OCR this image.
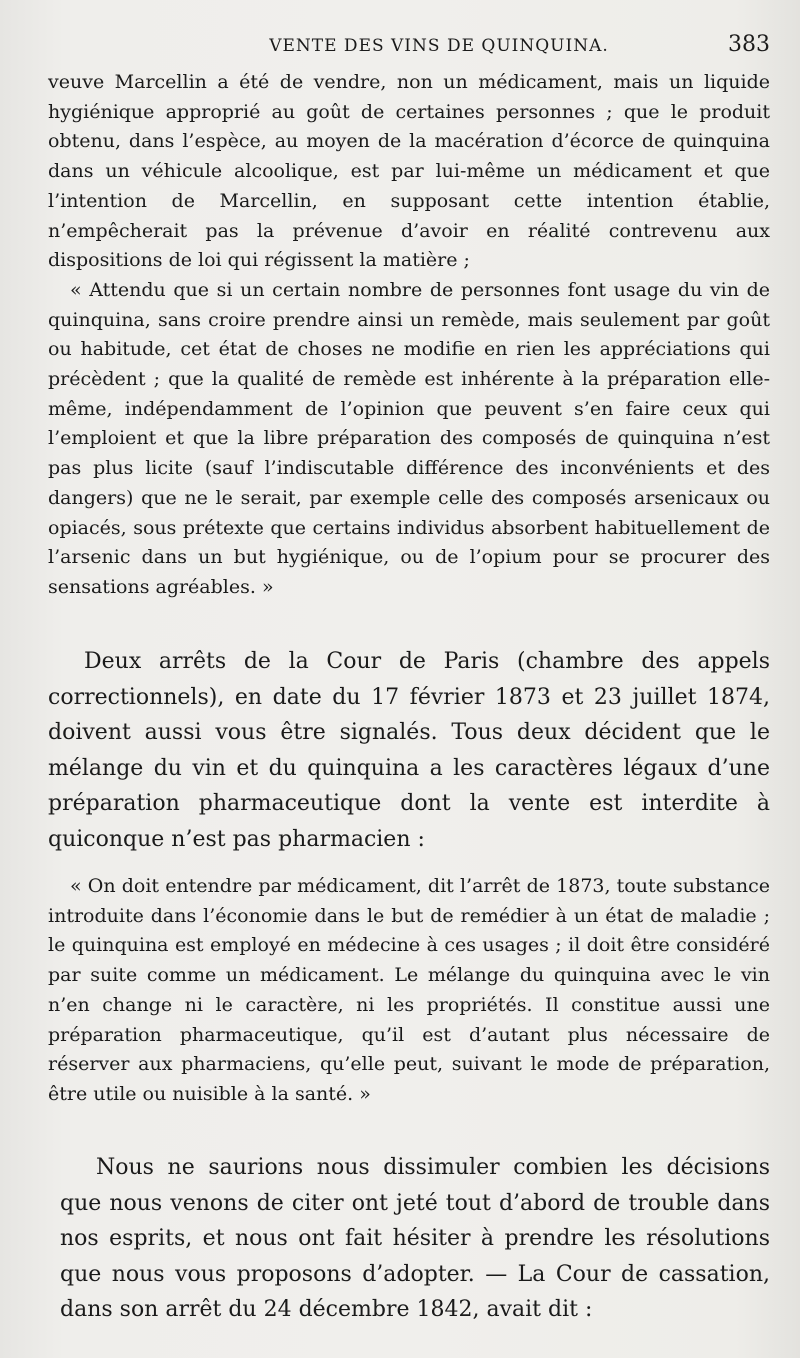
VENTE DES VINS DE QUINQUINA.	383

veuve Marcellin a été de vendre, non un médicament, mais un liquide hygiénique approprié au goût de certaines personnes ; que le produit obtenu, dans l’espèce, au moyen de la macération d’écorce de quinquina dans un véhicule alcoolique, est par lui-même un médicament et que l’intention de Marcellin, en supposant cette intention établie, n’empêcherait pas la prévenue d’avoir en réalité contrevenu aux dispositions de loi qui régissent la matière ;

« Attendu que si un certain nombre de personnes font usage du vin de quinquina, sans croire prendre ainsi un remède, mais seulement par goût ou habitude, cet état de choses ne modifie en rien les appréciations qui précèdent ; que la qualité de remède est inhérente à la préparation elle-même, indépendamment de l’opinion que peuvent s’en faire ceux qui l’emploient et que la libre préparation des composés de quinquina n’est pas plus licite (sauf l’indiscutable différence des inconvénients et des dangers) que ne le serait, par exemple celle des composés arsenicaux ou opiacés, sous prétexte que certains individus absorbent habituellement de l’arsenic dans un but hygiénique, ou de l’opium pour se procurer des sensations agréables. »

Deux arrêts de la Cour de Paris (chambre des appels correctionnels), en date du 17 février 1873 et 23 juillet 1874, doivent aussi vous être signalés. Tous deux décident que le mélange du vin et du quinquina a les caractères légaux d’une préparation pharmaceutique dont la vente est interdite à quiconque n’est pas pharmacien :

« On doit entendre par médicament, dit l’arrêt de 1873, toute substance introduite dans l’économie dans le but de remédier à un état de maladie ; le quinquina est employé en médecine à ces usages ; il doit être considéré par suite comme un médicament. Le mélange du quinquina avec le vin n’en change ni le caractère, ni les propriétés. Il constitue aussi une préparation pharmaceutique, qu’il est d’autant plus nécessaire de réserver aux pharmaciens, qu’elle peut, suivant le mode de préparation, être utile ou nuisible à la santé. »

Nous ne saurions nous dissimuler combien les décisions que nous venons de citer ont jeté tout d’abord de trouble dans nos esprits, et nous ont fait hésiter à prendre les résolutions que nous vous proposons d’adopter. — La Cour de cassation, dans son arrêt du 24 décembre 1842, avait dit :
